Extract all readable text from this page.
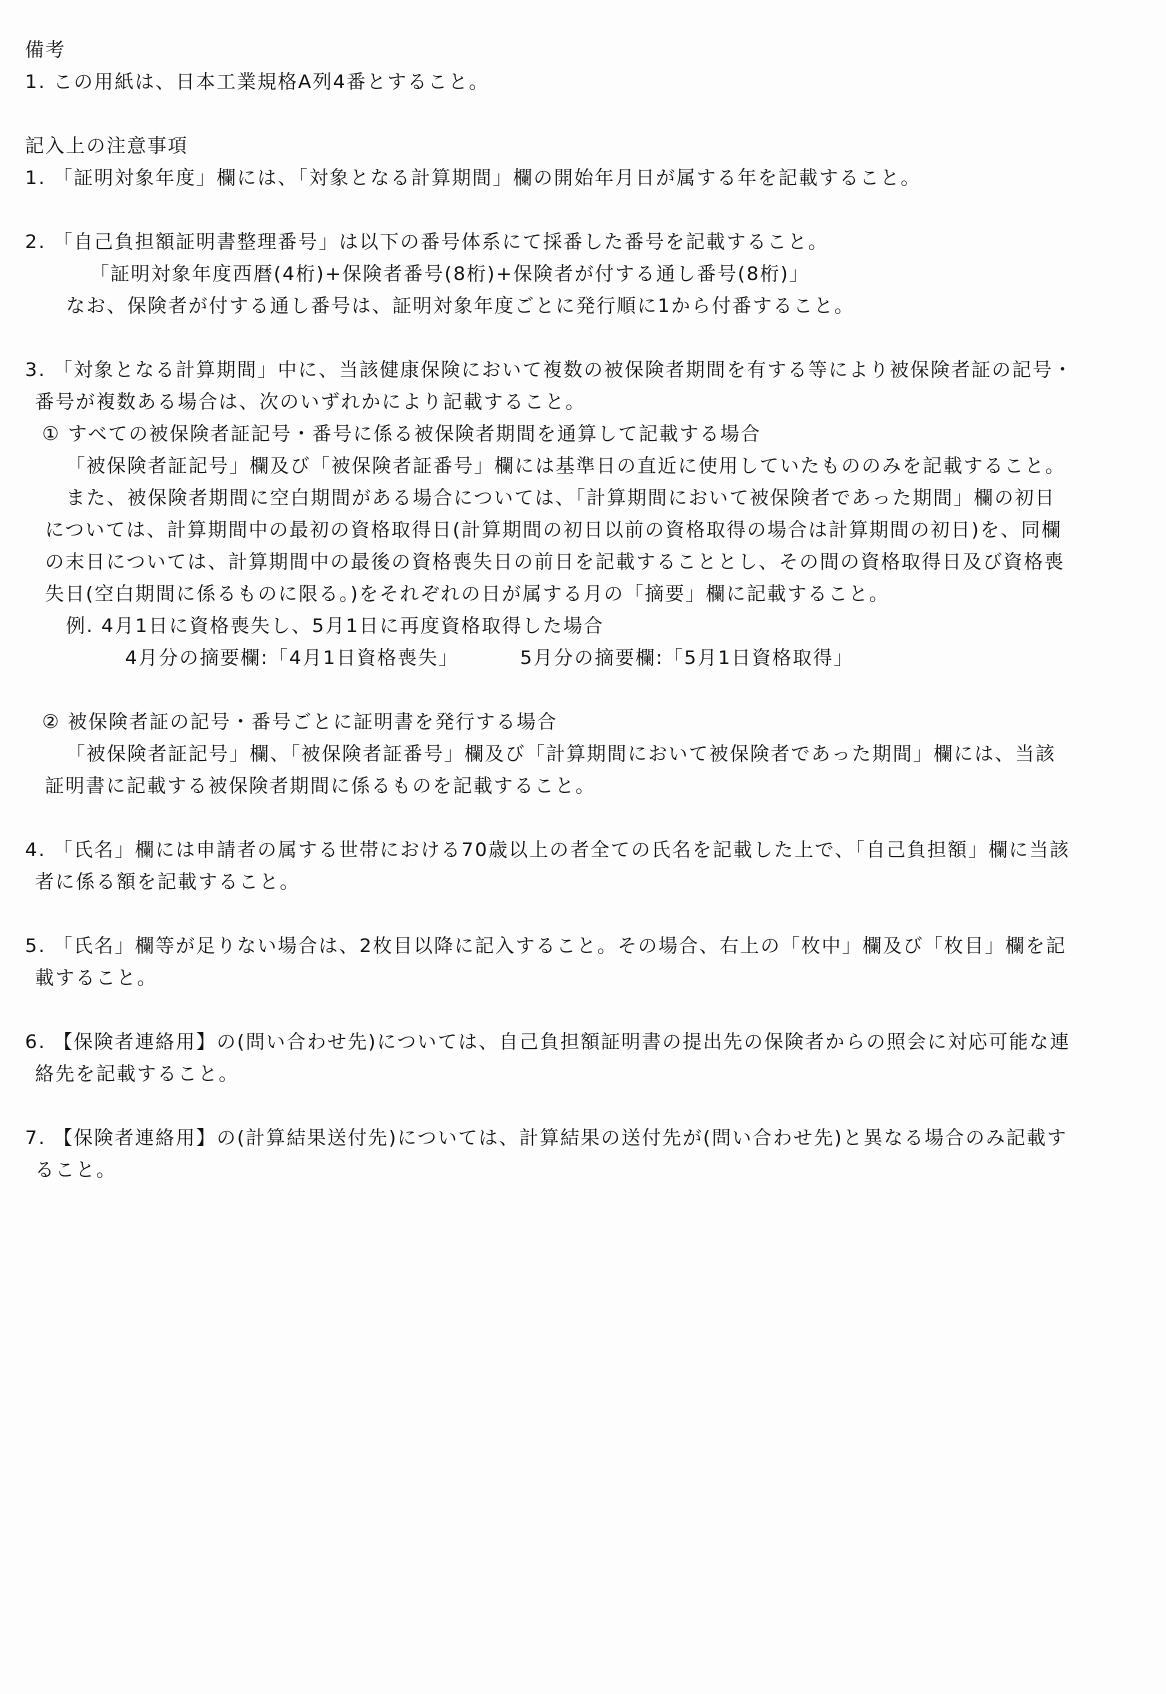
備考
1. この用紙は、日本工業規格A列4番とすること。
記入上の注意事項
1. 「証明対象年度」欄には、「対象となる計算期間」欄の開始年月日が属する年を記載すること。
2. 「自己負担額証明書整理番号」は以下の番号体系にて採番した番号を記載すること。
「証明対象年度西暦(4桁)+保険者番号(8桁)+保険者が付する通し番号(8桁)」
なお、保険者が付する通し番号は、証明対象年度ごとに発行順に1から付番すること。
3. 「対象となる計算期間」中に、当該健康保険において複数の被保険者期間を有する等により被保険者証の記号・
番号が複数ある場合は、次のいずれかにより記載すること。
① すべての被保険者証記号・番号に係る被保険者期間を通算して記載する場合
「被保険者証記号」欄及び「被保険者証番号」欄には基準日の直近に使用していたもののみを記載すること。
また、被保険者期間に空白期間がある場合については、「計算期間において被保険者であった期間」欄の初日
については、計算期間中の最初の資格取得日(計算期間の初日以前の資格取得の場合は計算期間の初日)を、同欄
の末日については、計算期間中の最後の資格喪失日の前日を記載することとし、その間の資格取得日及び資格喪
失日(空白期間に係るものに限る。)をそれぞれの日が属する月の「摘要」欄に記載すること。
例. 4月1日に資格喪失し、5月1日に再度資格取得した場合
4月分の摘要欄:「4月1日資格喪失」	5月分の摘要欄:「5月1日資格取得」
② 被保険者証の記号・番号ごとに証明書を発行する場合
「被保険者証記号」欄、「被保険者証番号」欄及び「計算期間において被保険者であった期間」欄には、当該
証明書に記載する被保険者期間に係るものを記載すること。
4. 「氏名」欄には申請者の属する世帯における70歳以上の者全ての氏名を記載した上で、「自己負担額」欄に当該
者に係る額を記載すること。
5. 「氏名」欄等が足りない場合は、2枚目以降に記入すること。その場合、右上の「枚中」欄及び「枚目」欄を記
載すること。
6. 【保険者連絡用】の(問い合わせ先)については、自己負担額証明書の提出先の保険者からの照会に対応可能な連
絡先を記載すること。
7. 【保険者連絡用】の(計算結果送付先)については、計算結果の送付先が(問い合わせ先)と異なる場合のみ記載す
ること。
